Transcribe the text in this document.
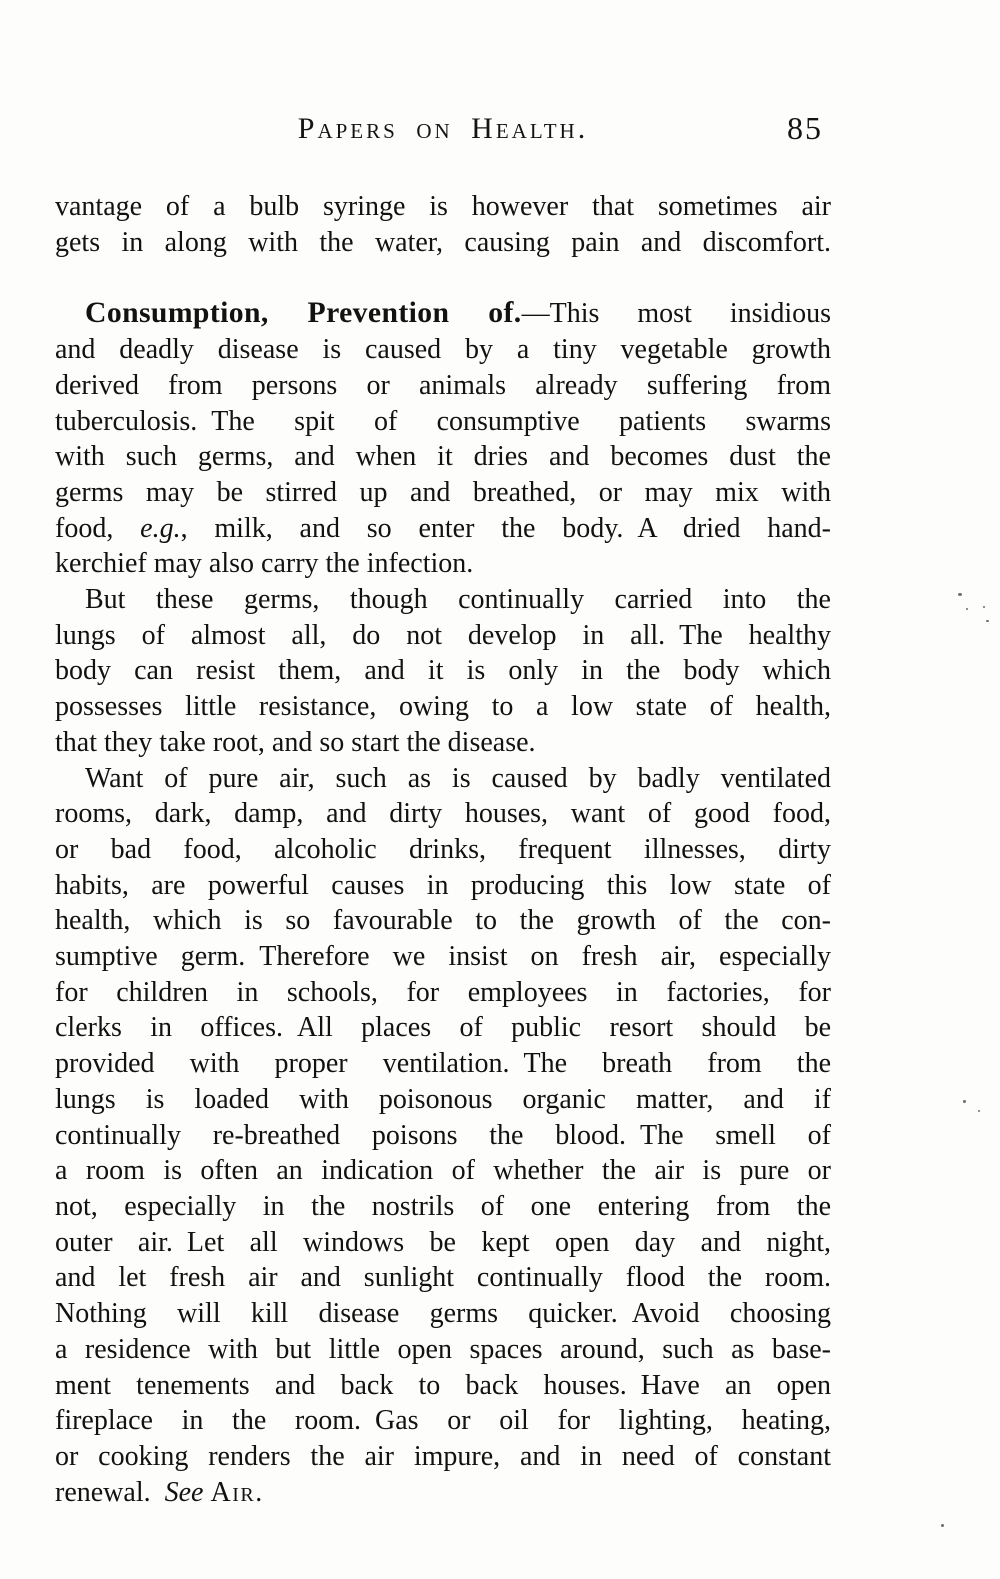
Papers on Health.	85
vantage of a bulb syringe is however that sometimes air
gets in along with the water, causing pain and discomfort.
Consumption, Prevention of.—This most insidious
and deadly disease is caused by a tiny vegetable growth
derived from persons or animals already suffering from
tuberculosis. The spit of consumptive patients swarms
with such germs, and when it dries and becomes dust the
germs may be stirred up and breathed, or may mix with
food, e.g., milk, and so enter the body. A dried hand-
kerchief may also carry the infection.
But these germs, though continually carried into the
lungs of almost all, do not develop in all. The healthy
body can resist them, and it is only in the body which
possesses little resistance, owing to a low state of health,
that they take root, and so start the disease.
Want of pure air, such as is caused by badly ventilated
rooms, dark, damp, and dirty houses, want of good food,
or bad food, alcoholic drinks, frequent illnesses, dirty
habits, are powerful causes in producing this low state of
health, which is so favourable to the growth of the con-
sumptive germ. Therefore we insist on fresh air, especially
for children in schools, for employees in factories, for
clerks in offices. All places of public resort should be
provided with proper ventilation. The breath from the
lungs is loaded with poisonous organic matter, and if
continually re-breathed poisons the blood. The smell of
a room is often an indication of whether the air is pure or
not, especially in the nostrils of one entering from the
outer air. Let all windows be kept open day and night,
and let fresh air and sunlight continually flood the room.
Nothing will kill disease germs quicker. Avoid choosing
a residence with but little open spaces around, such as base-
ment tenements and back to back houses. Have an open
fireplace in the room. Gas or oil for lighting, heating,
or cooking renders the air impure, and in need of constant
renewal. See Air.
